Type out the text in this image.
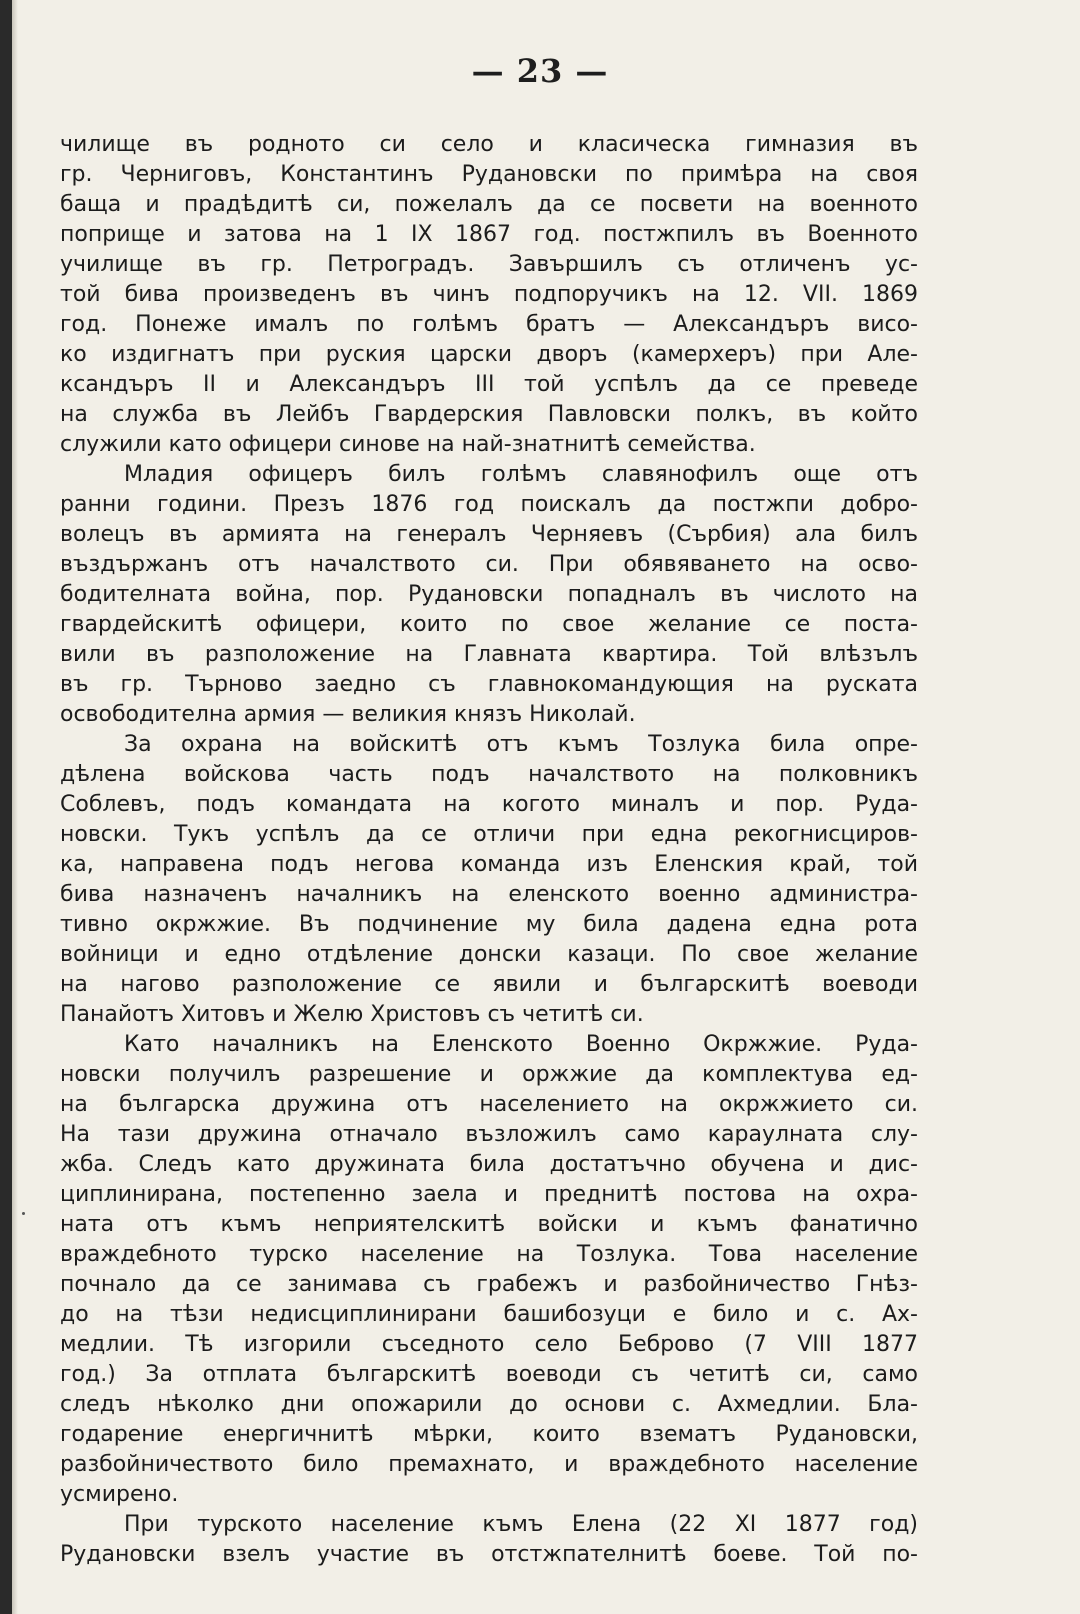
— 23 —
чилище въ родното си село и класическа гимназия въ
гр. Черниговъ, Константинъ Рудановски по примѣра на своя
баща и прадѣдитѣ си, пожелалъ да се посвети на военното
поприще и затова на 1 IX 1867 год. постжпилъ въ Военното
училище въ гр. Петроградъ. Завършилъ съ отличенъ ус-
той бива произведенъ въ чинъ подпоручикъ на 12. VII. 1869
год. Понеже ималъ по голѣмъ братъ — Александъръ висо-
ко издигнатъ при руския царски дворъ (камерхеръ) при Але-
ксандъръ II и Александъръ III той успѣлъ да се преведе
на служба въ Лейбъ Гвардерския Павловски полкъ, въ който
служили като офицери синове на най-знатнитѣ семейства.
Младия офицеръ билъ голѣмъ славянофилъ още отъ
ранни години. Презъ 1876 год поискалъ да постжпи добро-
волецъ въ армията на генералъ Черняевъ (Сърбия) ала билъ
въздържанъ отъ началството си. При обявяването на осво-
бодителната война, пор. Рудановски попадналъ въ числото на
гвардейскитѣ офицери, които по свое желание се поста-
вили въ разположение на Главната квартира. Той влѣзълъ
въ гр. Търново заедно съ главнокомандующия на руската
освободителна армия — великия князъ Николай.
За охрана на войскитѣ отъ къмъ Тозлука била опре-
дѣлена войскова часть подъ началството на полковникъ
Соблевъ, подъ командата на когото миналъ и пор. Руда-
новски. Тукъ успѣлъ да се отличи при една рекогнисциров-
ка, направена подъ негова команда изъ Еленския край, той
бива назначенъ началникъ на еленското военно администра-
тивно окржжие. Въ подчинение му била дадена една рота
войници и едно отдѣление донски казаци. По свое желание
на нагово разположение се явили и българскитѣ воеводи
Панайотъ Хитовъ и Желю Христовъ съ четитѣ си.
Като началникъ на Еленското Военно Окржжие. Руда-
новски получилъ разрешение и оржжие да комплектува ед-
на българска дружина отъ населението на окржжието си.
На тази дружина отначало възложилъ само караулната слу-
жба. Следъ като дружината била достатъчно обучена и дис-
циплинирана, постепенно заела и преднитѣ постова на охра-
ната отъ къмъ неприятелскитѣ войски и къмъ фанатично
враждебното турско население на Тозлука. Това население
почнало да се занимава съ грабежъ и разбойничество Гнѣз-
до на тѣзи недисциплинирани башибозуци е било и с. Ах-
медлии. Тѣ изгорили съседното село Беброво (7 VIII 1877
год.) За отплата българскитѣ воеводи съ четитѣ си, само
следъ нѣколко дни опожарили до основи с. Ахмедлии. Бла-
годарение енергичнитѣ мѣрки, които взематъ Рудановски,
разбойничеството било премахнато, и враждебното население
усмирено.
При турското население къмъ Елена (22 XI 1877 год)
Рудановски взелъ участие въ отстжпателнитѣ боеве. Той по-
